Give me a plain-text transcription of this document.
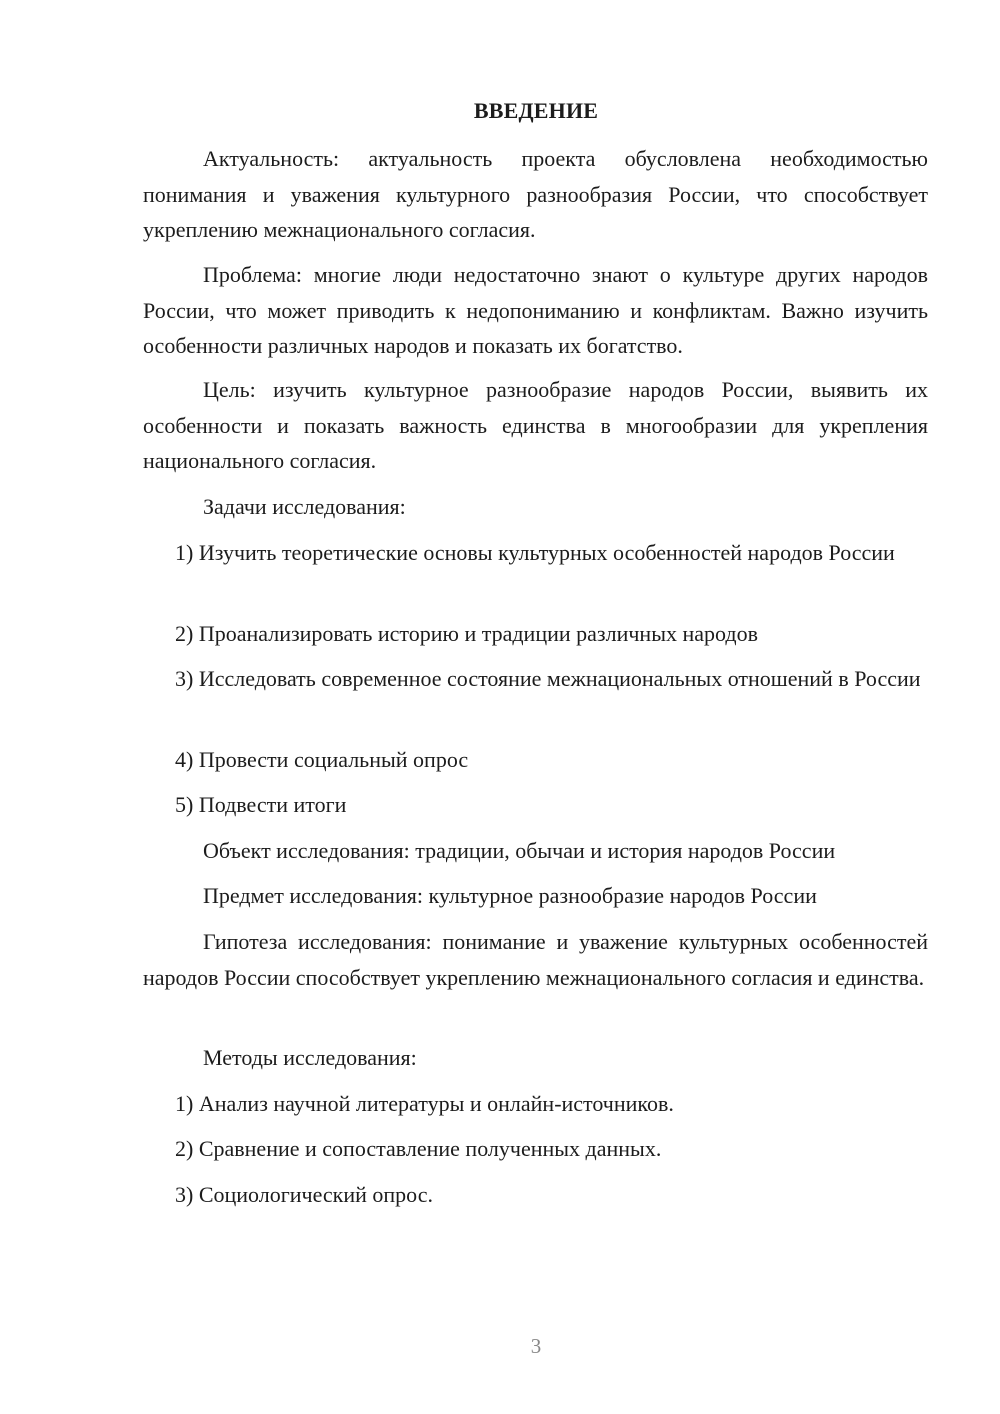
ВВЕДЕНИЕ

Актуальность: актуальность проекта обусловлена необходимостью понимания и уважения культурного разнообразия России, что способствует укреплению межнационального согласия.

Проблема: многие люди недостаточно знают о культуре других народов России, что может приводить к недопониманию и конфликтам. Важно изучить особенности различных народов и показать их богатство.

Цель: изучить культурное разнообразие народов России, выявить их особенности и показать важность единства в многообразии для укрепления национального согласия.

Задачи исследования:

1) Изучить теоретические основы культурных особенностей народов России

2) Проанализировать историю и традиции различных народов

3) Исследовать современное состояние межнациональных отношений в России

4) Провести социальный опрос

5) Подвести итоги

Объект исследования: традиции, обычаи и история народов России

Предмет исследования: культурное разнообразие народов России

Гипотеза исследования: понимание и уважение культурных особенностей народов России способствует укреплению межнационального согласия и единства.

Методы исследования:

1) Анализ научной литературы и онлайн-источников.

2) Сравнение и сопоставление полученных данных.

3) Социологический опрос.

3
